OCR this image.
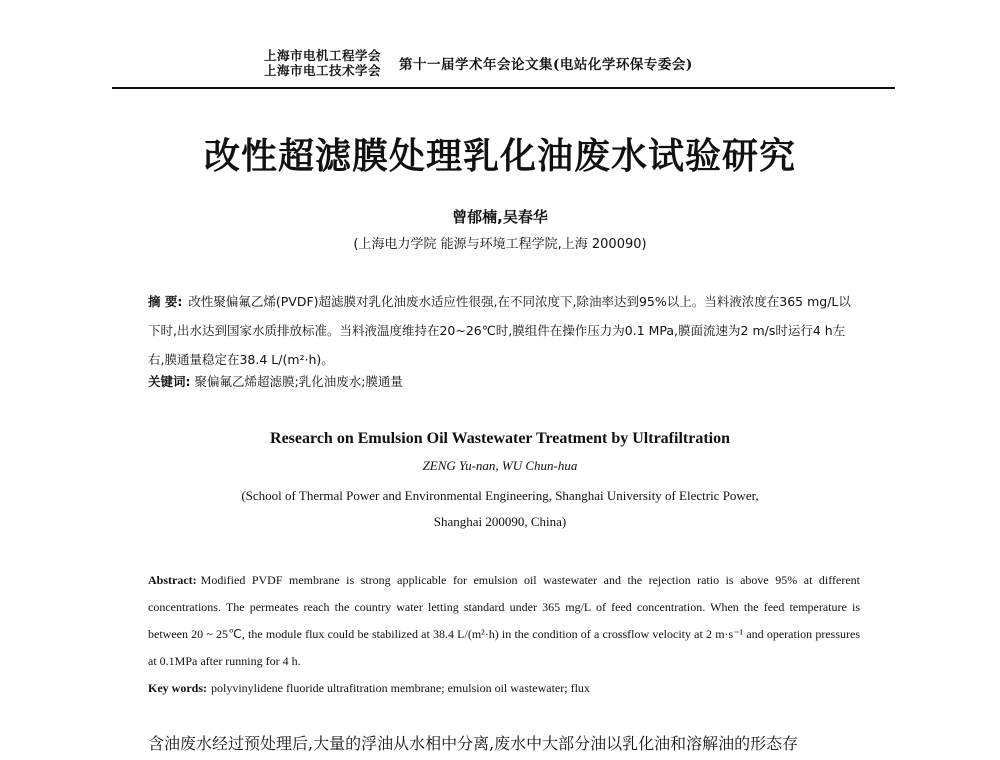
上海市电机工程学会
上海市电工技术学会 第十一届学术年会论文集(电站化学环保专委会)
改性超滤膜处理乳化油废水试验研究
曾郁楠,吴春华
(上海电力学院 能源与环境工程学院,上海 200090)
摘 要: 改性聚偏氟乙烯(PVDF)超滤膜对乳化油废水适应性很强,在不同浓度下,除油率达到95%以上。当料液浓度在365 mg/L以下时,出水达到国家水质排放标准。当料液温度维持在20~26℃时,膜组件在操作压力为0.1 MPa,膜面流速为2 m/s时运行4 h左右,膜通量稳定在38.4 L/(m²·h)。
关键词: 聚偏氟乙烯超滤膜;乳化油废水;膜通量
Research on Emulsion Oil Wastewater Treatment by Ultrafiltration
ZENG Yu-nan, WU Chun-hua
(School of Thermal Power and Environmental Engineering, Shanghai University of Electric Power,
Shanghai 200090, China)
Abstract: Modified PVDF membrane is strong applicable for emulsion oil wastewater and the rejection ratio is above 95% at different concentrations. The permeates reach the country water letting standard under 365 mg/L of feed concentration. When the feed temperature is between 20 ~ 25℃, the module flux could be stabilized at 38.4 L/(m²·h) in the condition of a crossflow velocity at 2 m·s⁻¹ and operation pressures at 0.1MPa after running for 4 h.
Key words: polyvinylidene fluoride ultrafitration membrane; emulsion oil wastewater; flux
含油废水经过预处理后,大量的浮油从水相中分离,废水中大部分油以乳化油和溶解油的形态存
